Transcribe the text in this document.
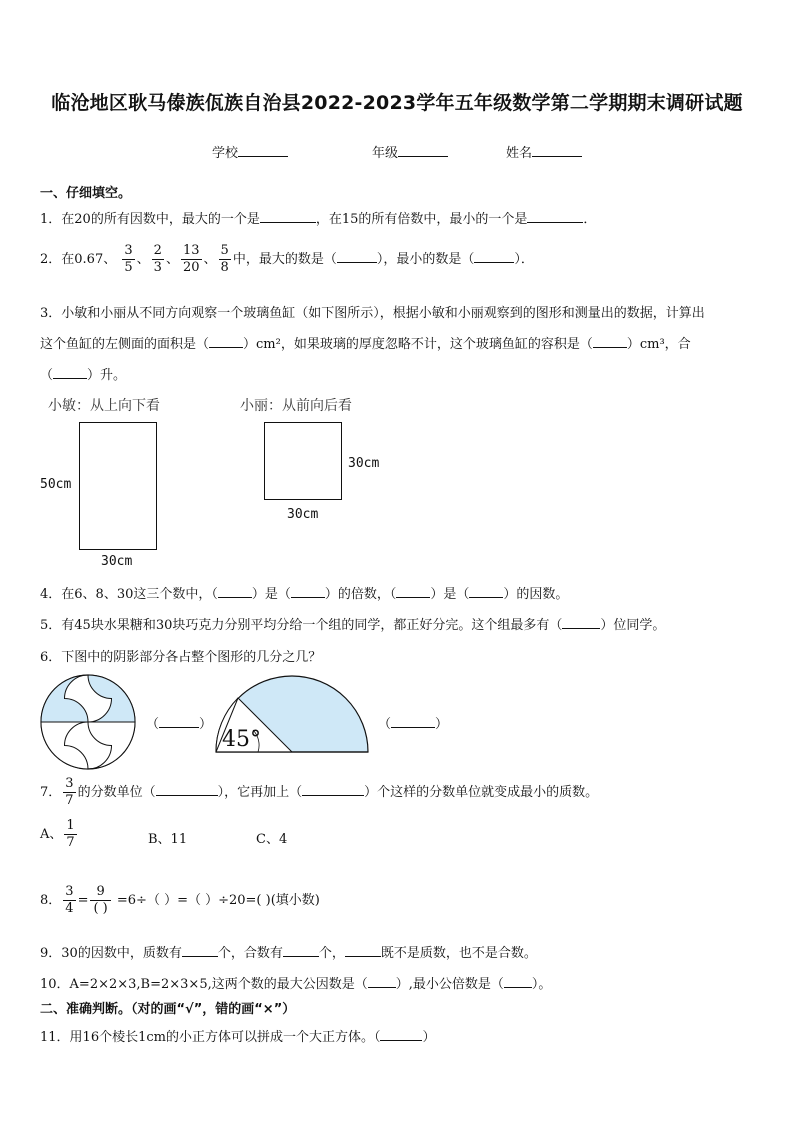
临沧地区耿马傣族佤族自治县2022-2023学年五年级数学第二学期期末调研试题
学校	年级	姓名
一、仔细填空。
1．在20的所有因数中，最大的一个是	，在15的所有倍数中，最小的一个是	．
2．在0.67、 $\frac{3}{5}$ 、 $\frac{2}{3}$ 、 $\frac{13}{20}$ 、 $\frac{5}{8}$ 中，最大的数是（	），最小的数是（	）．
3．小敏和小丽从不同方向观察一个玻璃鱼缸（如下图所示），根据小敏和小丽观察到的图形和测量出的数据，计算出
这个鱼缸的左侧面的面积是（	）cm²，如果玻璃的厚度忽略不计，这个玻璃鱼缸的容积是（	）cm³，合
（	）升。
小敏：从上向下看	小丽：从前向后看
50cm
30cm
30cm
30cm
4．在6、8、30这三个数中，（	）是（	）的倍数，（	）是（	）的因数。
5．有45块水果糖和30块巧克力分别平均分给一个组的同学，都正好分完。这个组最多有（	）位同学。
6．下图中的阴影部分各占整个图形的几分之几？
（	）
45°
（	）
7． $\frac{3}{7}$ 的分数单位（	），它再加上（	）个这样的分数单位就变成最小的质数。
A、 $\frac{1}{7}$	B、11	C、4
8． $\frac{3}{4} = \frac{9}{( )} =6\div$（ ）=（ ）÷20=( )(填小数)
9．30的因数中，质数有	个，合数有	个，	既不是质数，也不是合数。
10．A=2×2×3,B=2×3×5,这两个数的最大公因数是（ ）,最小公倍数是（ ）。
二、准确判断。（对的画“√”，错的画“×”）
11．用16个棱长1cm的小正方体可以拼成一个大正方体。（	）
